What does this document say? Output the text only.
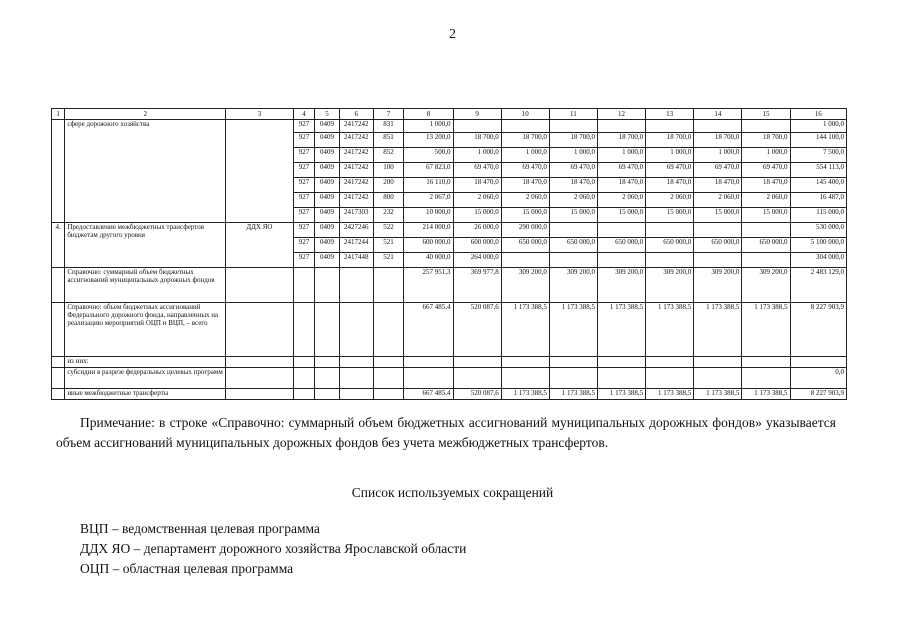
2
1	2	3	4	5	6	7	8	9	10	11	12	13	14	15	16
	сфере дорожного хозяйства		927	0409	2417242	831	1 000,0								1 000,0
			927	0409	2417242	851	13 200,0	18 700,0	18 700,0	18 700,0	18 700,0	18 700,0	18 700,0	18 700,0	144 100,0
			927	0409	2417242	852	500,0	1 000,0	1 000,0	1 000,0	1 000,0	1 000,0	1 000,0	1 000,0	7 500,0
			927	0409	2417242	100	67 823,0	69 470,0	69 470,0	69 470,0	69 470,0	69 470,0	69 470,0	69 470,0	554 113,0
			927	0409	2417242	200	16 110,0	18 470,0	18 470,0	18 470,0	18 470,0	18 470,0	18 470,0	18 470,0	145 400,0
			927	0409	2417242	800	2 067,0	2 060,0	2 060,0	2 060,0	2 060,0	2 060,0	2 060,0	2 060,0	16 487,0
			927	0409	2417303	232	10 000,0	15 000,0	15 000,0	15 000,0	15 000,0	15 000,0	15 000,0	15 000,0	115 000,0
4.	Предоставление межбюджетных трансфертов бюджетам другого уровня	ДДХ ЯО	927	0409	2427246	522	214 000,0	26 000,0	290 000,0						530 000,0
			927	0409	2417244	521	600 000,0	600 000,0	650 000,0	650 000,0	650 000,0	650 000,0	650 000,0	650 000,0	5 100 000,0
			927	0409	2417448	521	40 000,0	264 000,0							304 000,0
	Справочно: суммарный объем бюджетных ассигнований муниципальных дорожных фондов						257 951,3	369 977,8	309 200,0	309 200,0	309 200,0	309 200,0	309 200,0	309 200,0	2 483 129,0
	Справочно: объем бюджетных ассигнований Федерального дорожного фонда, направленных на реализацию мероприятий ОЦП и ВЦП, – всего						667 485,4	520 087,6	1 173 388,5	1 173 388,5	1 173 388,5	1 173 388,5	1 173 388,5	1 173 388,5	8 227 903,9
	из них:														
	субсидии в разрезе федеральных целевых программ														0,0
	иные межбюджетные трансферты						667 485,4	520 087,6	1 173 388,5	1 173 388,5	1 173 388,5	1 173 388,5	1 173 388,5	1 173 388,5	8 227 903,9
Примечание: в строке «Справочно: суммарный объем бюджетных ассигнований муниципальных дорожных фондов» указывается объем ассигнований муниципальных дорожных фондов без учета межбюджетных трансфертов.
Список используемых сокращений
ВЦП – ведомственная целевая программа
ДДХ ЯО – департамент дорожного хозяйства Ярославской области
ОЦП – областная целевая программа
